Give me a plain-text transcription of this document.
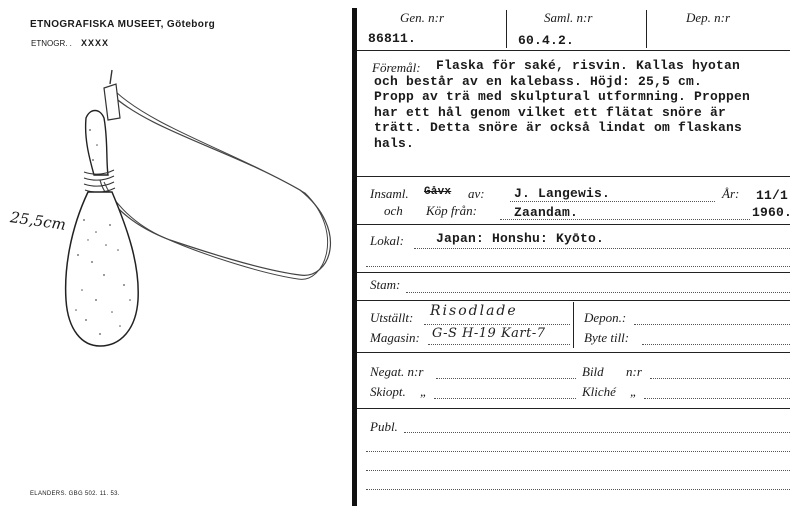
ETNOGRAFISKA MUSEET, Göteborg
ETNOGR. . XXXX
25,5cm
ELANDERS. GBG 502. 11. 53.
Gen. n:r
86811.
Saml. n:r
60.4.2.
Dep. n:r
Föremål:	Flaska för saké, risvin. Kallas hyotan
och består av en kalebass. Höjd: 25,5 cm.
Propp av trä med skulptural utformning. Proppen
har ett hål genom vilket ett flätat snöre är
trätt. Detta snöre är också lindat om flaskans
hals.
Insaml. Gåvx av: J. Langewis.	År: 11/1
och Köp från:	Zaandam.	1960.
Lokal: Japan: Honshu: Kyōto.
Stam:
Utställt: Risodlade
Magasin: G-S H-19 Kart-7
Depon.:
Byte till:
Negat. n:r	Bild n:r
Skiopt. „	Kliché „
Publ.
